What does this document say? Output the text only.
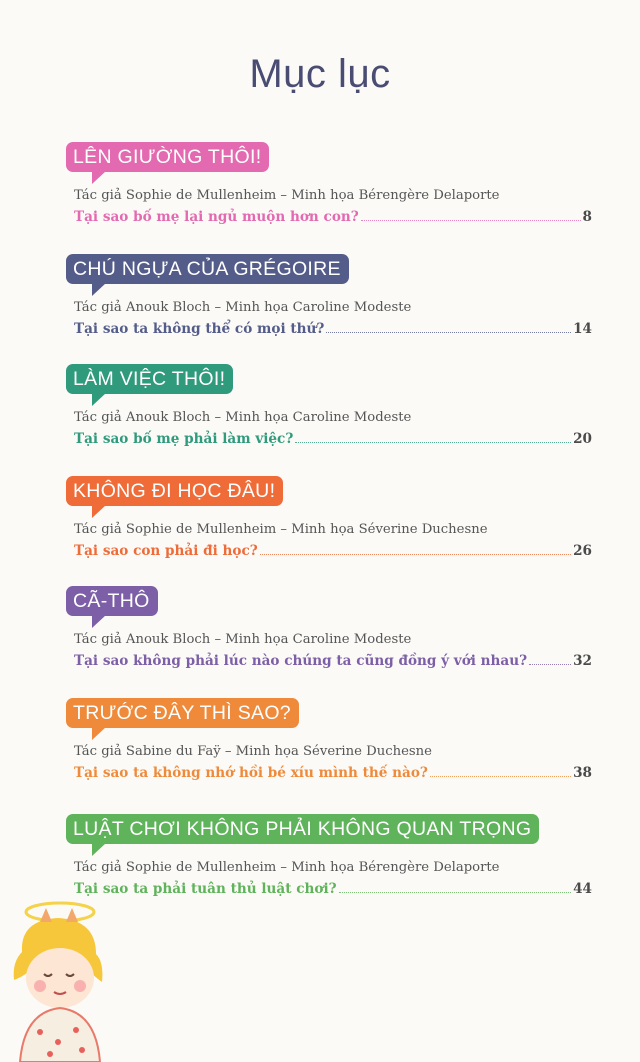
Mục lục
LÊN GIƯỜNG THÔI!
Tác giả Sophie de Mullenheim – Minh họa Bérengère Delaporte
Tại sao bố mẹ lại ngủ muộn hơn con?	8
CHÚ NGỰA CỦA GRÉGOIRE
Tác giả Anouk Bloch – Minh họa Caroline Modeste
Tại sao ta không thể có mọi thứ?	14
LÀM VIỆC THÔI!
Tác giả Anouk Bloch – Minh họa Caroline Modeste
Tại sao bố mẹ phải làm việc?	20
KHÔNG ĐI HỌC ĐÂU!
Tác giả Sophie de Mullenheim – Minh họa Séverine Duchesne
Tại sao con phải đi học?	26
CÃ-THÔ
Tác giả Anouk Bloch – Minh họa Caroline Modeste
Tại sao không phải lúc nào chúng ta cũng đồng ý với nhau?	32
TRƯỚC ĐÂY THÌ SAO?
Tác giả Sabine du Faÿ – Minh họa Séverine Duchesne
Tại sao ta không nhớ hồi bé xíu mình thế nào?	38
LUẬT CHƠI KHÔNG PHẢI KHÔNG QUAN TRỌNG
Tác giả Sophie de Mullenheim – Minh họa Bérengère Delaporte
Tại sao ta phải tuân thủ luật chơi?	44
